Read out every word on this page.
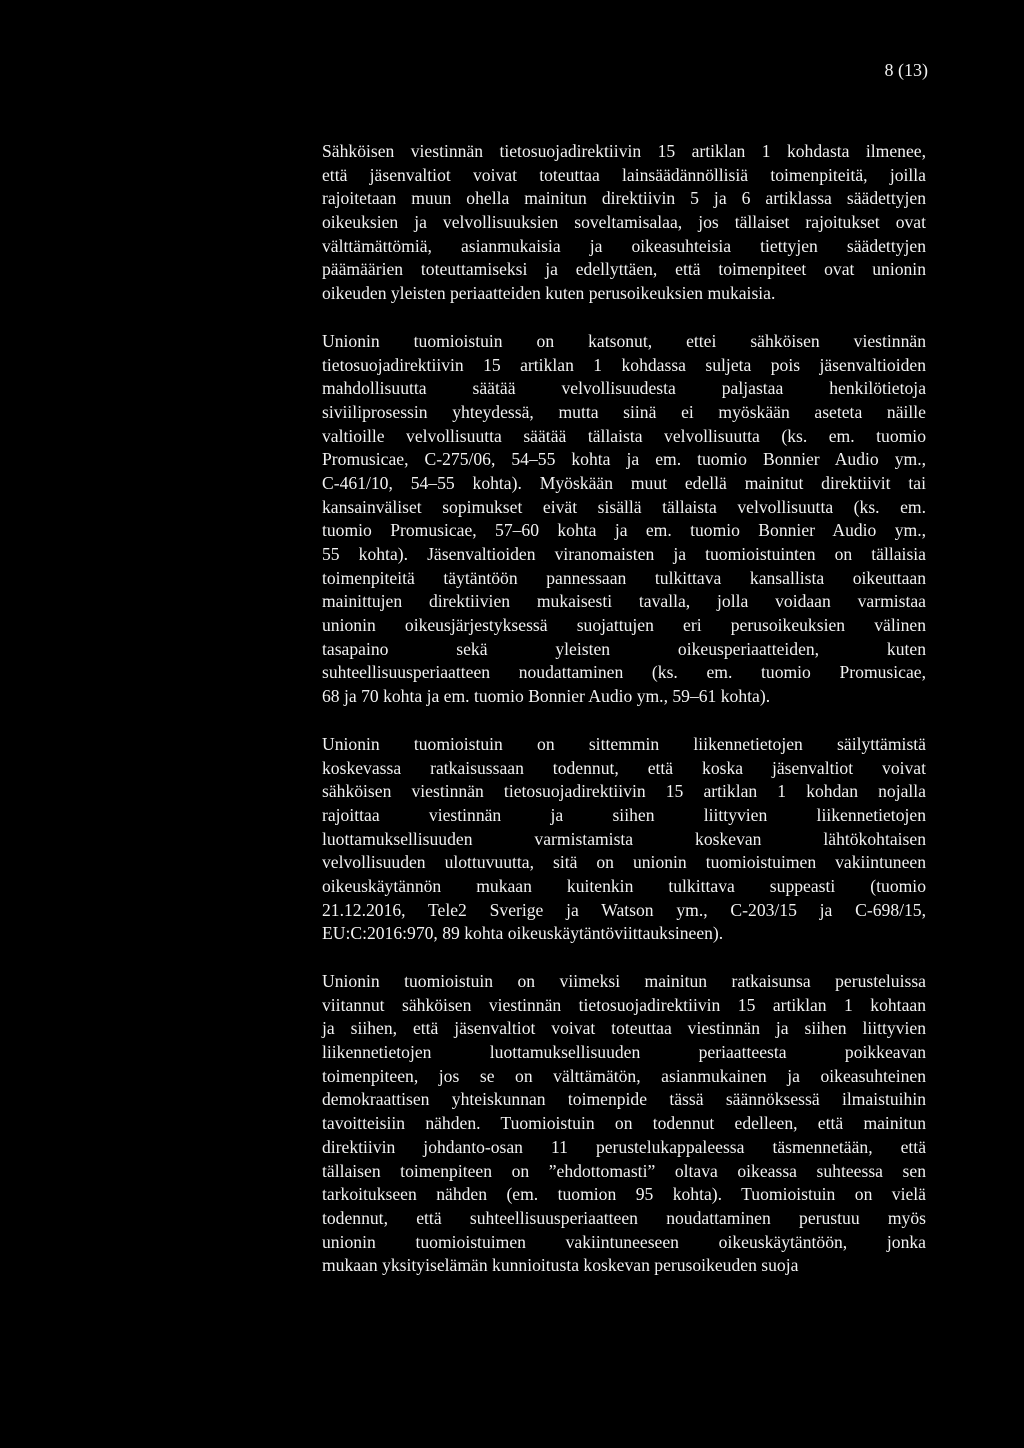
8 (13)
Sähköisen viestinnän tietosuojadirektiivin 15 artiklan 1 kohdasta ilmenee,
että jäsenvaltiot voivat toteuttaa lainsäädännöllisiä toimenpiteitä, joilla
rajoitetaan muun ohella mainitun direktiivin 5 ja 6 artiklassa säädettyjen
oikeuksien ja velvollisuuksien soveltamisalaa, jos tällaiset rajoitukset ovat
välttämättömiä, asianmukaisia ja oikeasuhteisia tiettyjen säädettyjen
päämäärien toteuttamiseksi ja edellyttäen, että toimenpiteet ovat unionin
oikeuden yleisten periaatteiden kuten perusoikeuksien mukaisia.
Unionin tuomioistuin on katsonut, ettei sähköisen viestinnän
tietosuojadirektiivin 15 artiklan 1 kohdassa suljeta pois jäsenvaltioiden
mahdollisuutta säätää velvollisuudesta paljastaa henkilötietoja
siviiliprosessin yhteydessä, mutta siinä ei myöskään aseteta näille
valtioille velvollisuutta säätää tällaista velvollisuutta (ks. em. tuomio
Promusicae, C-275/06, 54–55 kohta ja em. tuomio Bonnier Audio ym.,
C-461/10, 54–55 kohta). Myöskään muut edellä mainitut direktiivit tai
kansainväliset sopimukset eivät sisällä tällaista velvollisuutta (ks. em.
tuomio Promusicae, 57–60 kohta ja em. tuomio Bonnier Audio ym.,
55 kohta). Jäsenvaltioiden viranomaisten ja tuomioistuinten on tällaisia
toimenpiteitä täytäntöön pannessaan tulkittava kansallista oikeuttaan
mainittujen direktiivien mukaisesti tavalla, jolla voidaan varmistaa
unionin oikeusjärjestyksessä suojattujen eri perusoikeuksien välinen
tasapaino sekä yleisten oikeusperiaatteiden, kuten
suhteellisuusperiaatteen noudattaminen (ks. em. tuomio Promusicae,
68 ja 70 kohta ja em. tuomio Bonnier Audio ym., 59–61 kohta).
Unionin tuomioistuin on sittemmin liikennetietojen säilyttämistä
koskevassa ratkaisussaan todennut, että koska jäsenvaltiot voivat
sähköisen viestinnän tietosuojadirektiivin 15 artiklan 1 kohdan nojalla
rajoittaa viestinnän ja siihen liittyvien liikennetietojen
luottamuksellisuuden varmistamista koskevan lähtökohtaisen
velvollisuuden ulottuvuutta, sitä on unionin tuomioistuimen vakiintuneen
oikeuskäytännön mukaan kuitenkin tulkittava suppeasti (tuomio
21.12.2016, Tele2 Sverige ja Watson ym., C-203/15 ja C-698/15,
EU:C:2016:970, 89 kohta oikeuskäytäntöviittauksineen).
Unionin tuomioistuin on viimeksi mainitun ratkaisunsa perusteluissa
viitannut sähköisen viestinnän tietosuojadirektiivin 15 artiklan 1 kohtaan
ja siihen, että jäsenvaltiot voivat toteuttaa viestinnän ja siihen liittyvien
liikennetietojen luottamuksellisuuden periaatteesta poikkeavan
toimenpiteen, jos se on välttämätön, asianmukainen ja oikeasuhteinen
demokraattisen yhteiskunnan toimenpide tässä säännöksessä ilmaistuihin
tavoitteisiin nähden. Tuomioistuin on todennut edelleen, että mainitun
direktiivin johdanto-osan 11 perustelukappaleessa täsmennetään, että
tällaisen toimenpiteen on ”ehdottomasti” oltava oikeassa suhteessa sen
tarkoitukseen nähden (em. tuomion 95 kohta). Tuomioistuin on vielä
todennut, että suhteellisuusperiaatteen noudattaminen perustuu myös
unionin tuomioistuimen vakiintuneeseen oikeuskäytäntöön, jonka
mukaan yksityiselämän kunnioitusta koskevan perusoikeuden suoja
